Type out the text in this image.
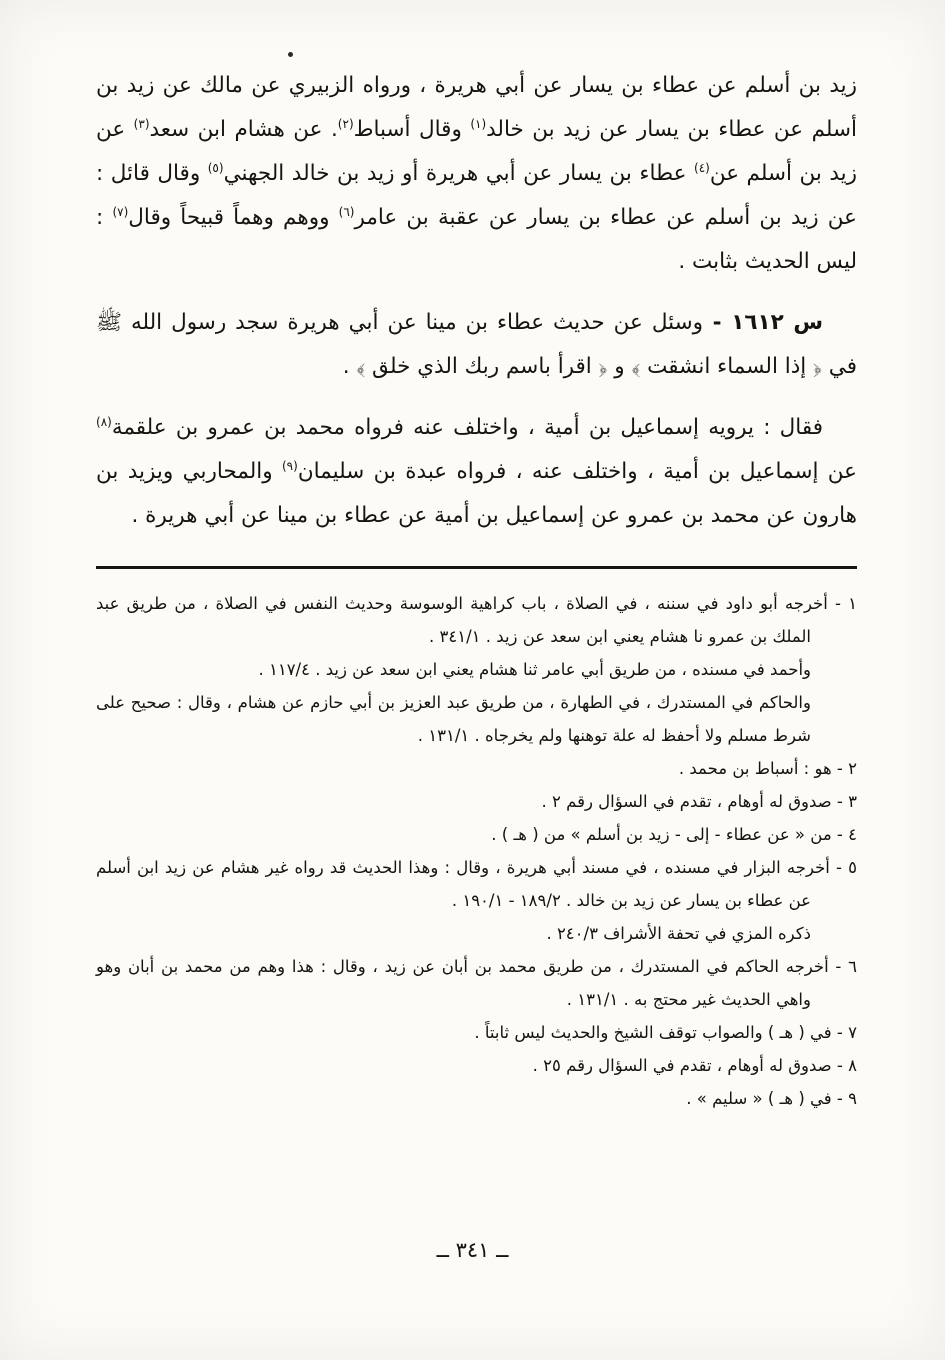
زيد بن أسلم عن عطاء بن يسار عن أبي هريرة ، ورواه الزبيري عن مالك عن زيد بن أسلم عن عطاء بن يسار عن زيد بن خالد$^{(١)}$ وقال أسباط$^{(٢)}$. عن هشام ابن سعد$^{(٣)}$ عن زيد بن أسلم عن$^{(٤)}$ عطاء بن يسار عن أبي هريرة أو زيد بن خالد الجهني$^{(٥)}$ وقال قائل : عن زيد بن أسلم عن عطاء بن يسار عن عقبة بن عامر$^{(٦)}$ ووهم وهماً قبيحاً وقال$^{(٧)}$ : ليس الحديث بثابت .
س ١٦١٢ - وسئل عن حديث عطاء بن مينا عن أبي هريرة سجد رسول الله ﷺ في ﴿ إذا السماء انشقت ﴾ و ﴿ اقرأ باسم ربك الذي خلق ﴾ .
فقال : يرويه إسماعيل بن أمية ، واختلف عنه فرواه محمد بن عمرو بن علقمة$^{(٨)}$ عن إسماعيل بن أمية ، واختلف عنه ، فرواه عبدة بن سليمان$^{(٩)}$ والمحاربي ويزيد بن هارون عن محمد بن عمرو عن إسماعيل بن أمية عن عطاء بن مينا عن أبي هريرة .
١ - أخرجه أبو داود في سننه ، في الصلاة ، باب كراهية الوسوسة وحديث النفس في الصلاة ، من طريق عبد الملك بن عمرو نا هشام يعني ابن سعد عن زيد . ٣٤١/١ .
وأحمد في مسنده ، من طريق أبي عامر ثنا هشام يعني ابن سعد عن زيد . ١١٧/٤ .
والحاكم في المستدرك ، في الطهارة ، من طريق عبد العزيز بن أبي حازم عن هشام ، وقال : صحيح على شرط مسلم ولا أحفظ له علة توهنها ولم يخرجاه . ١٣١/١ .
٢ - هو : أسباط بن محمد .
٣ - صدوق له أوهام ، تقدم في السؤال رقم ٢ .
٤ - من « عن عطاء - إلى - زيد بن أسلم » من ( هـ ) .
٥ - أخرجه البزار في مسنده ، في مسند أبي هريرة ، وقال : وهذا الحديث قد رواه غير هشام عن زيد ابن أسلم عن عطاء بن يسار عن زيد بن خالد . ١٨٩/٢ - ١٩٠/١ .
ذكره المزي في تحفة الأشراف ٢٤٠/٣ .
٦ - أخرجه الحاكم في المستدرك ، من طريق محمد بن أبان عن زيد ، وقال : هذا وهم من محمد بن أبان وهو واهي الحديث غير محتج به . ١٣١/١ .
٧ - في ( هـ ) والصواب توقف الشيخ والحديث ليس ثابتاً .
٨ - صدوق له أوهام ، تقدم في السؤال رقم ٢٥ .
٩ - في ( هـ ) « سليم » .
ــ ٣٤١ ــ
